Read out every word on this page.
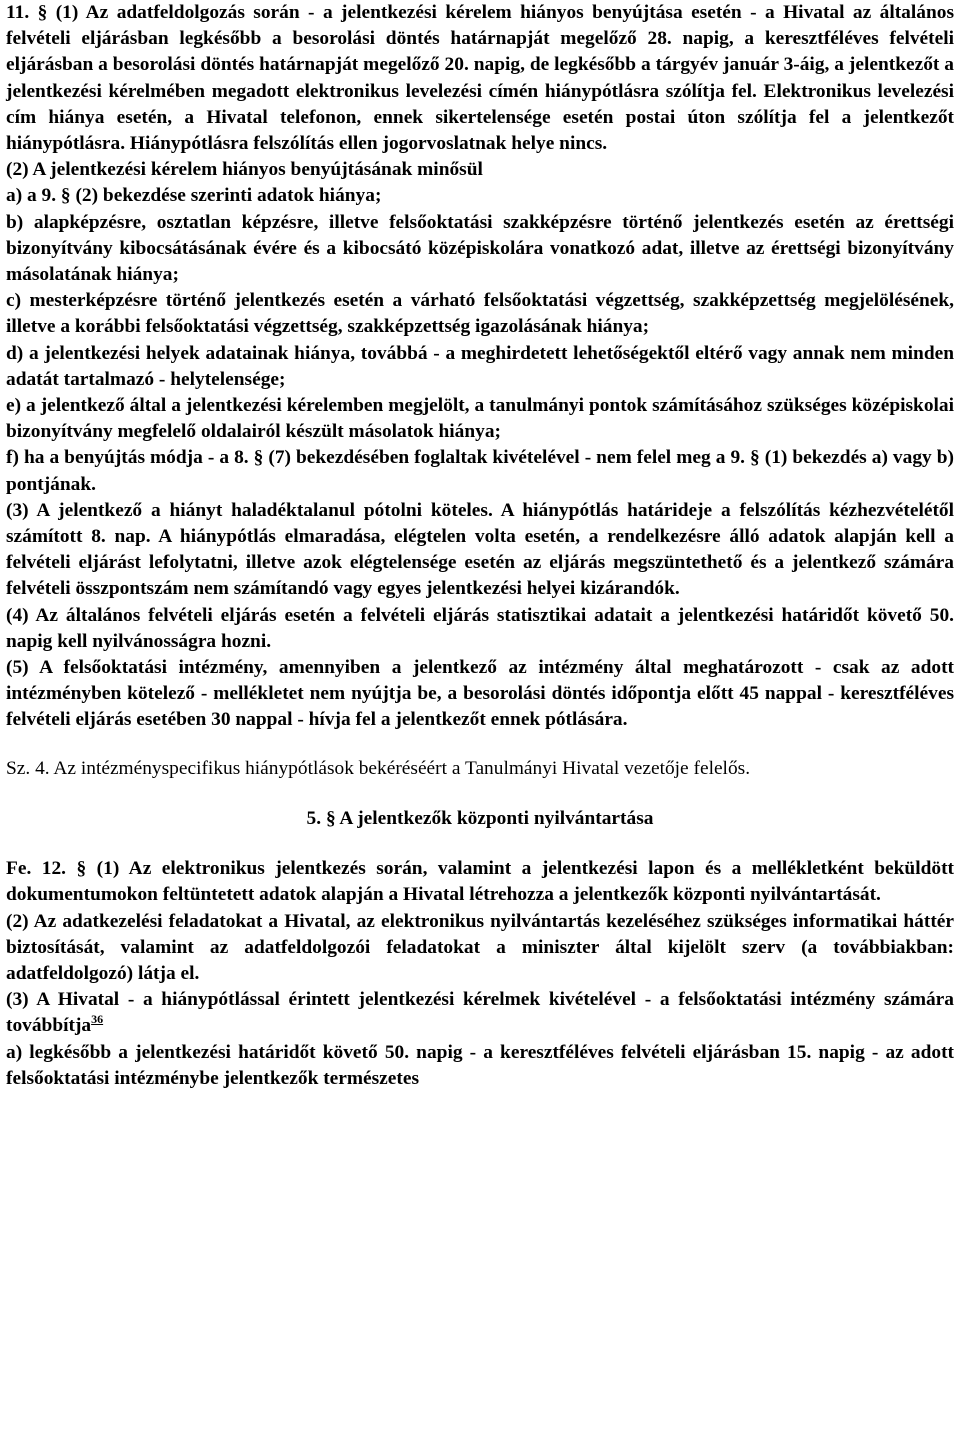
11. § (1) Az adatfeldolgozás során - a jelentkezési kérelem hiányos benyújtása esetén - a Hivatal az általános felvételi eljárásban legkésőbb a besorolási döntés határnapját megelőző 28. napig, a keresztféléves felvételi eljárásban a besorolási döntés határnapját megelőző 20. napig, de legkésőbb a tárgyév január 3-áig, a jelentkezőt a jelentkezési kérelmében megadott elektronikus levelezési címén hiánypótlásra szólítja fel. Elektronikus levelezési cím hiánya esetén, a Hivatal telefonon, ennek sikertelensége esetén postai úton szólítja fel a jelentkezőt hiánypótlásra. Hiánypótlásra felszólítás ellen jogorvoslatnak helye nincs.

(2) A jelentkezési kérelem hiányos benyújtásának minősül

a) a 9. § (2) bekezdése szerinti adatok hiánya;

b) alapképzésre, osztatlan képzésre, illetve felsőoktatási szakképzésre történő jelentkezés esetén az érettségi bizonyítvány kibocsátásának évére és a kibocsátó középiskolára vonatkozó adat, illetve az érettségi bizonyítvány másolatának hiánya;

c) mesterképzésre történő jelentkezés esetén a várható felsőoktatási végzettség, szakképzettség megjelölésének, illetve a korábbi felsőoktatási végzettség, szakképzettség igazolásának hiánya;

d) a jelentkezési helyek adatainak hiánya, továbbá - a meghirdetett lehetőségektől eltérő vagy annak nem minden adatát tartalmazó - helytelensége;

e) a jelentkező által a jelentkezési kérelemben megjelölt, a tanulmányi pontok számításához szükséges középiskolai bizonyítvány megfelelő oldalairól készült másolatok hiánya;

f) ha a benyújtás módja - a 8. § (7) bekezdésében foglaltak kivételével - nem felel meg a 9. § (1) bekezdés a) vagy b) pontjának.

(3) A jelentkező a hiányt haladéktalanul pótolni köteles. A hiánypótlás határideje a felszólítás kézhezvételétől számított 8. nap. A hiánypótlás elmaradása, elégtelen volta esetén, a rendelkezésre álló adatok alapján kell a felvételi eljárást lefolytatni, illetve azok elégtelensége esetén az eljárás megszüntethető és a jelentkező számára felvételi összpontszám nem számítandó vagy egyes jelentkezési helyei kizárandók.

(4) Az általános felvételi eljárás esetén a felvételi eljárás statisztikai adatait a jelentkezési határidőt követő 50. napig kell nyilvánosságra hozni.

(5) A felsőoktatási intézmény, amennyiben a jelentkező az intézmény által meghatározott - csak az adott intézményben kötelező - mellékletet nem nyújtja be, a besorolási döntés időpontja előtt 45 nappal - keresztféléves felvételi eljárás esetében 30 nappal - hívja fel a jelentkezőt ennek pótlására.

Sz. 4. Az intézményspecifikus hiánypótlások bekéréséért a Tanulmányi Hivatal vezetője felelős.

5. § A jelentkezők központi nyilvántartása

Fe. 12. § (1) Az elektronikus jelentkezés során, valamint a jelentkezési lapon és a mellékletként beküldött dokumentumokon feltüntetett adatok alapján a Hivatal létrehozza a jelentkezők központi nyilvántartását.

(2) Az adatkezelési feladatokat a Hivatal, az elektronikus nyilvántartás kezeléséhez szükséges informatikai háttér biztosítását, valamint az adatfeldolgozói feladatokat a miniszter által kijelölt szerv (a továbbiakban: adatfeldolgozó) látja el.

(3) A Hivatal - a hiánypótlással érintett jelentkezési kérelmek kivételével - a felsőoktatási intézmény számára továbbítja$^{36}$

a) legkésőbb a jelentkezési határidőt követő 50. napig - a keresztféléves felvételi eljárásban 15. napig - az adott felsőoktatási intézménybe jelentkezők természetes
